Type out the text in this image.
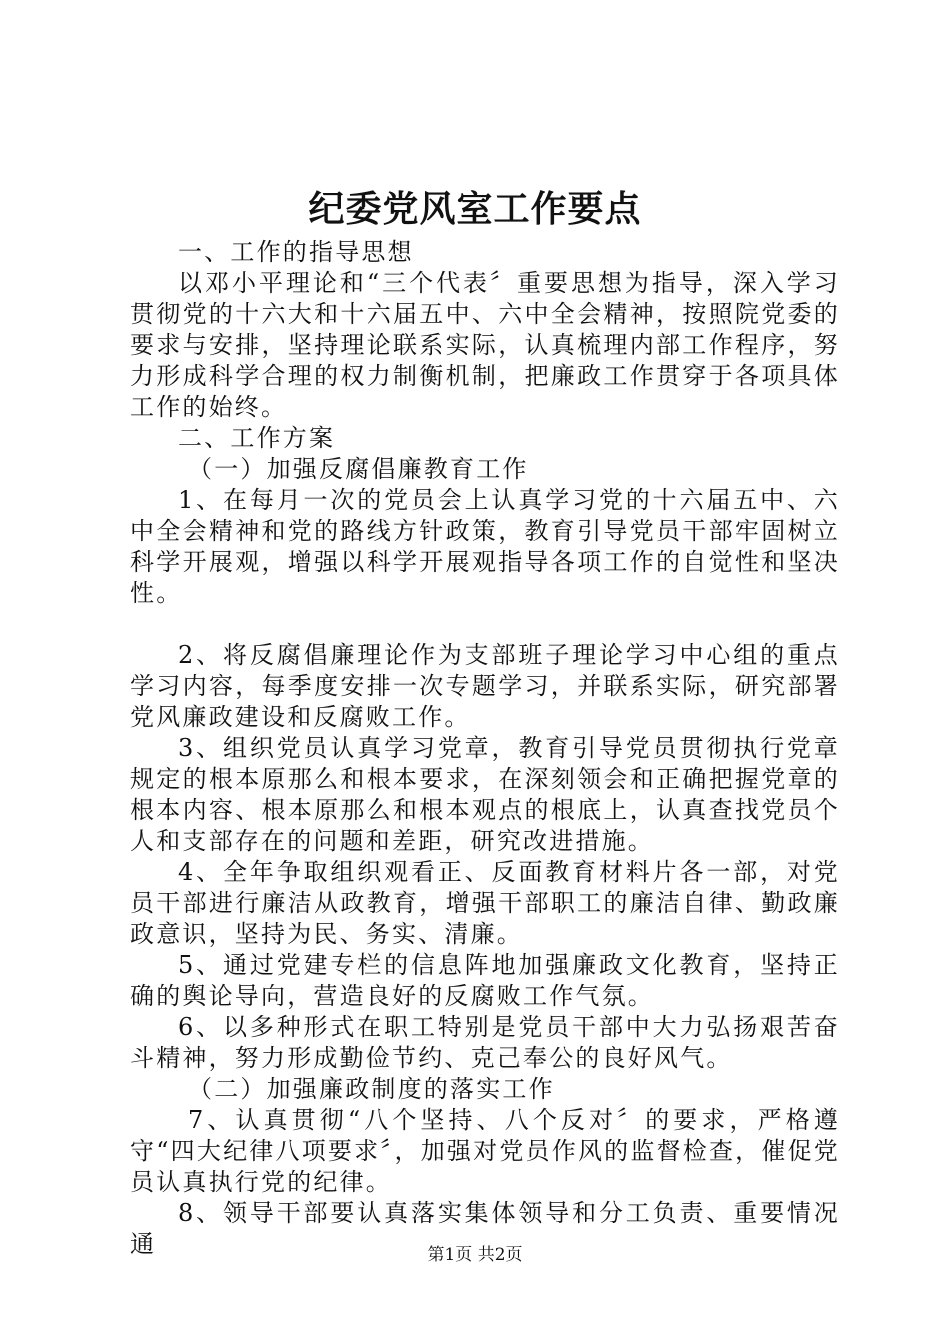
纪委党风室工作要点

一、工作的指导思想

以邓小平理论和“三个代表〞重要思想为指导，深入学习贯彻党的十六大和十六届五中、六中全会精神，按照院党委的要求与安排，坚持理论联系实际，认真梳理内部工作程序，努力形成科学合理的权力制衡机制，把廉政工作贯穿于各项具体工作的始终。

二、工作方案

（一）加强反腐倡廉教育工作

1、在每月一次的党员会上认真学习党的十六届五中、六中全会精神和党的路线方针政策，教育引导党员干部牢固树立科学开展观，增强以科学开展观指导各项工作的自觉性和坚决性。

2、将反腐倡廉理论作为支部班子理论学习中心组的重点学习内容，每季度安排一次专题学习，并联系实际，研究部署党风廉政建设和反腐败工作。

3、组织党员认真学习党章，教育引导党员贯彻执行党章规定的根本原那么和根本要求，在深刻领会和正确把握党章的根本内容、根本原那么和根本观点的根底上，认真查找党员个人和支部存在的问题和差距，研究改进措施。

4、全年争取组织观看正、反面教育材料片各一部，对党员干部进行廉洁从政教育，增强干部职工的廉洁自律、勤政廉政意识，坚持为民、务实、清廉。

5、通过党建专栏的信息阵地加强廉政文化教育，坚持正确的舆论导向，营造良好的反腐败工作气氛。

6、以多种形式在职工特别是党员干部中大力弘扬艰苦奋斗精神，努力形成勤俭节约、克己奉公的良好风气。

（二）加强廉政制度的落实工作

7、认真贯彻“八个坚持、八个反对〞的要求，严格遵守“四大纪律八项要求〞，加强对党员作风的监督检查，催促党员认真执行党的纪律。

8、领导干部要认真落实集体领导和分工负责、重要情况通	第1页 共2页
